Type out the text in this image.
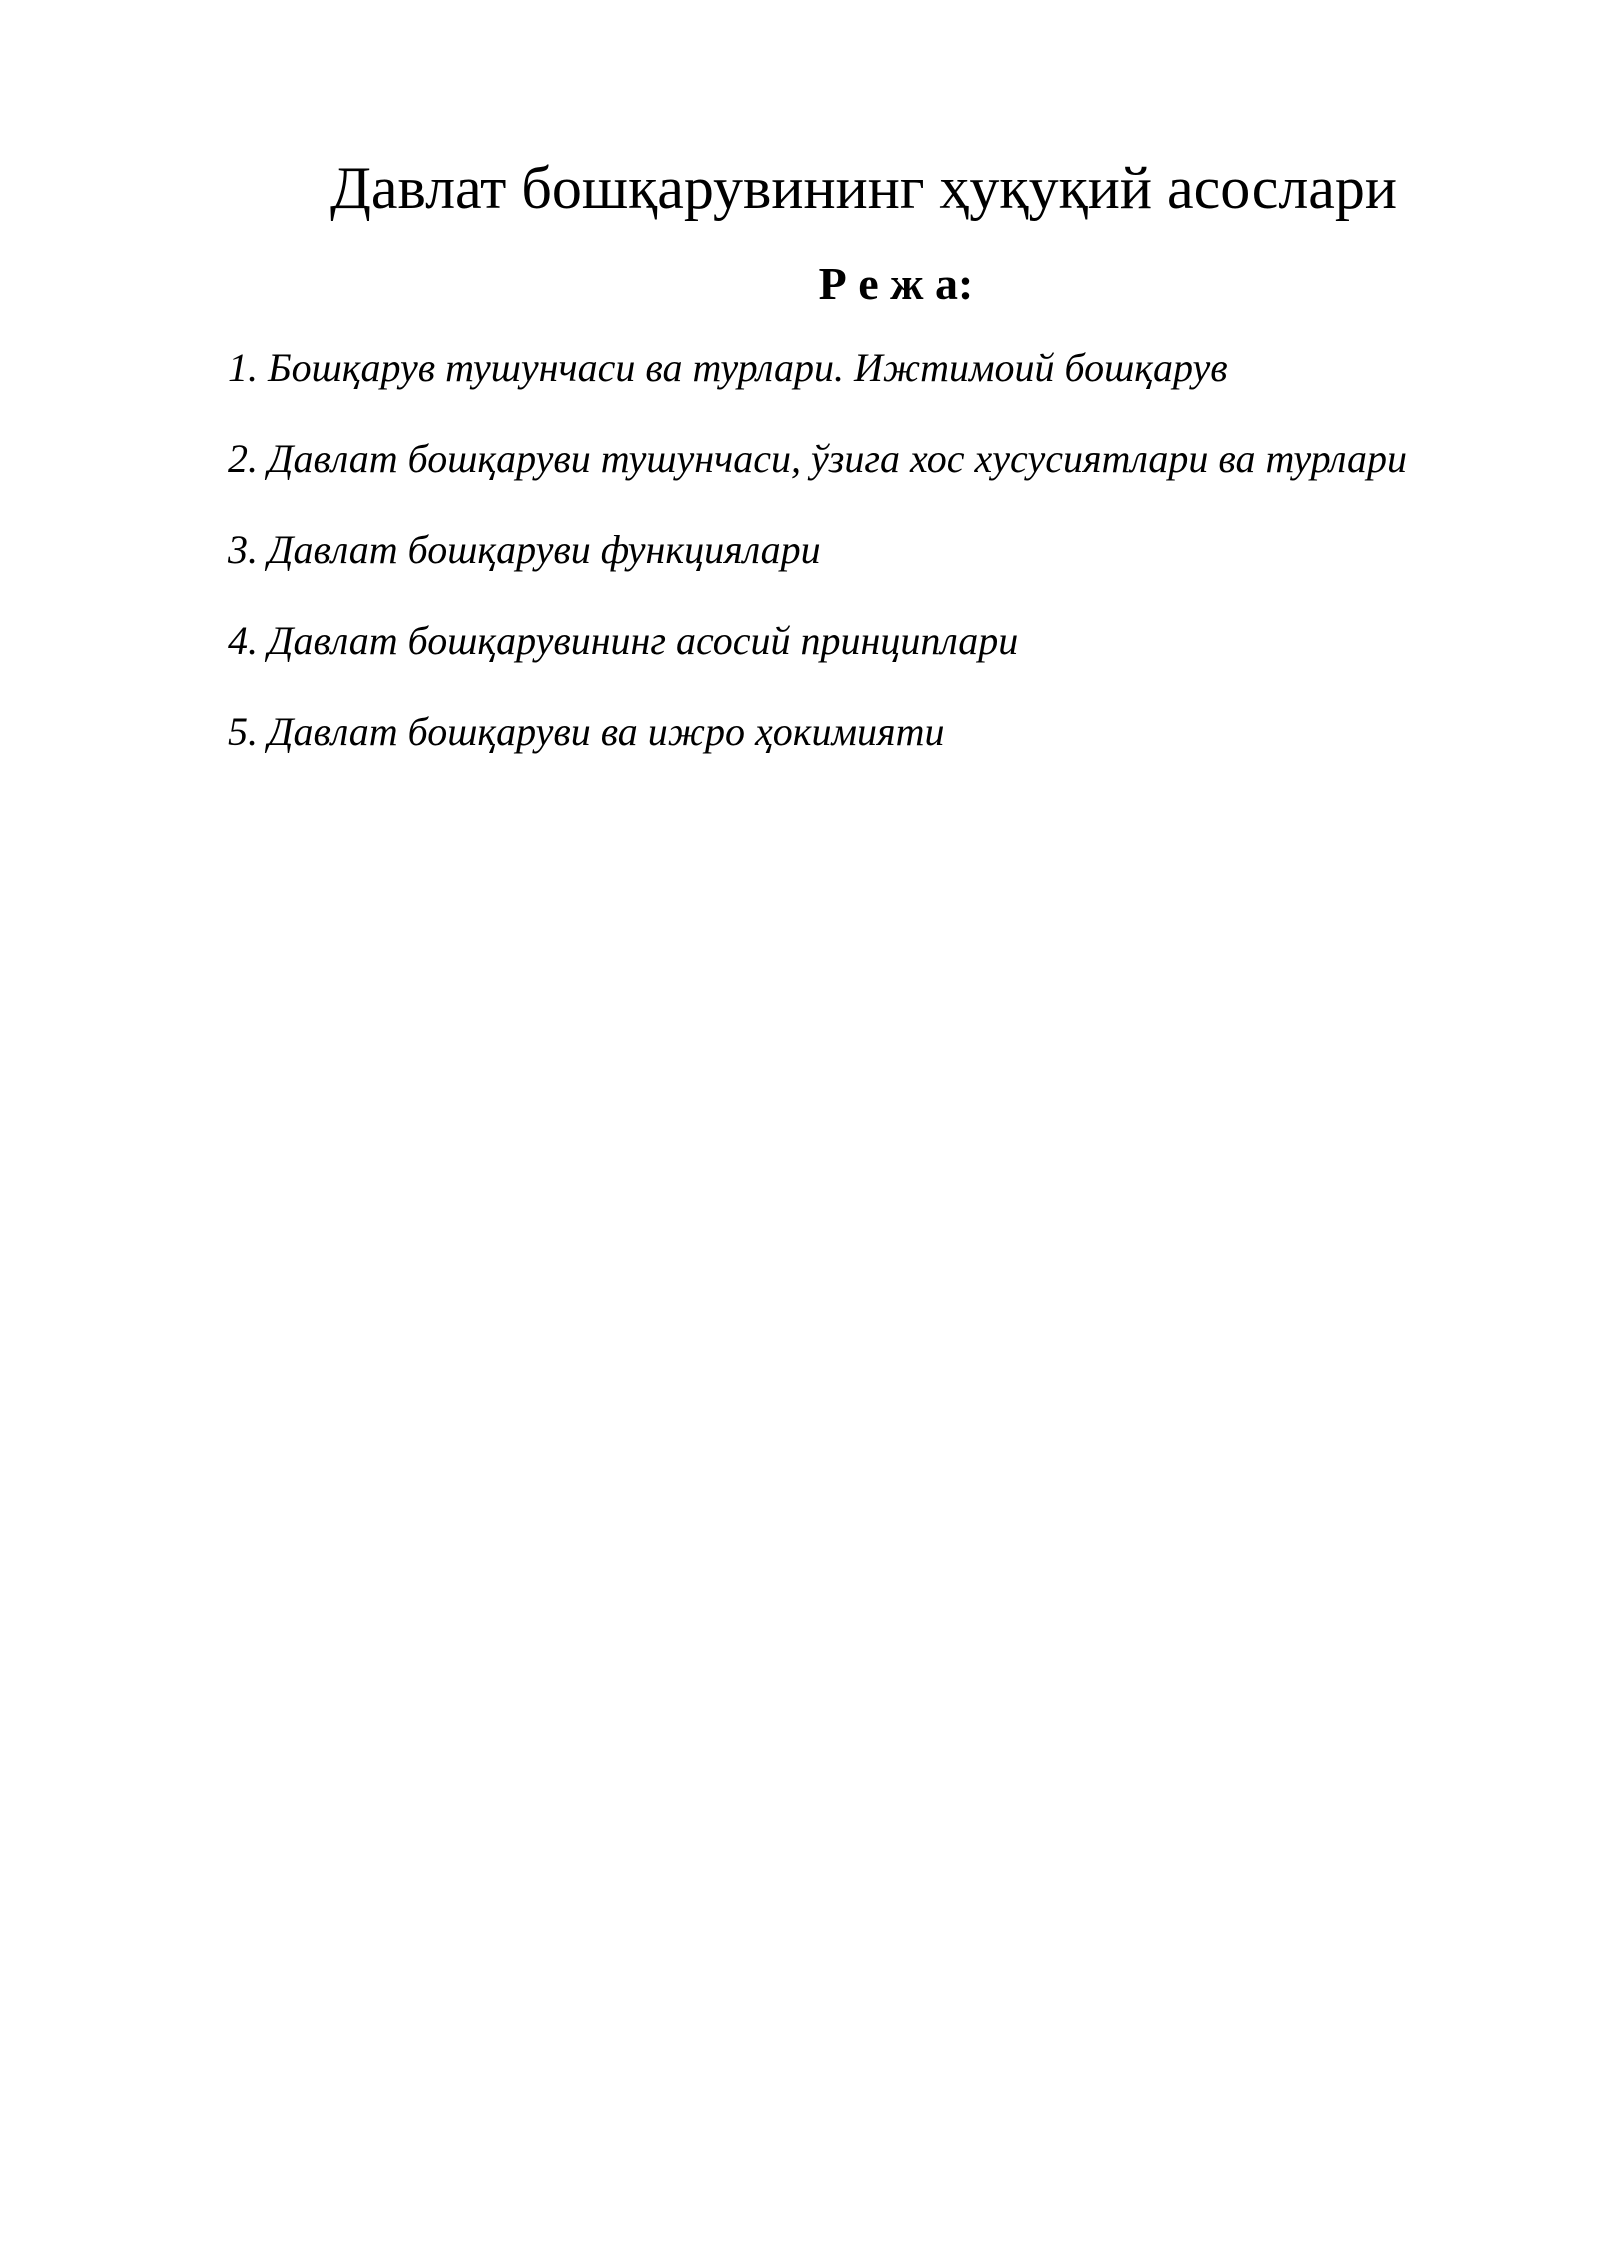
Давлат бошқарувининг ҳуқуқий асослари
Р е ж а:
1. Бошқарув тушунчаси ва турлари. Ижтимоий бошқарув
2. Давлат бошқаруви тушунчаси, ўзига хос хусусиятлари ва турлари
3. Давлат бошқаруви функциялари
4. Давлат бошқарувининг асосий принциплари
5. Давлат бошқаруви ва ижро ҳокимияти
